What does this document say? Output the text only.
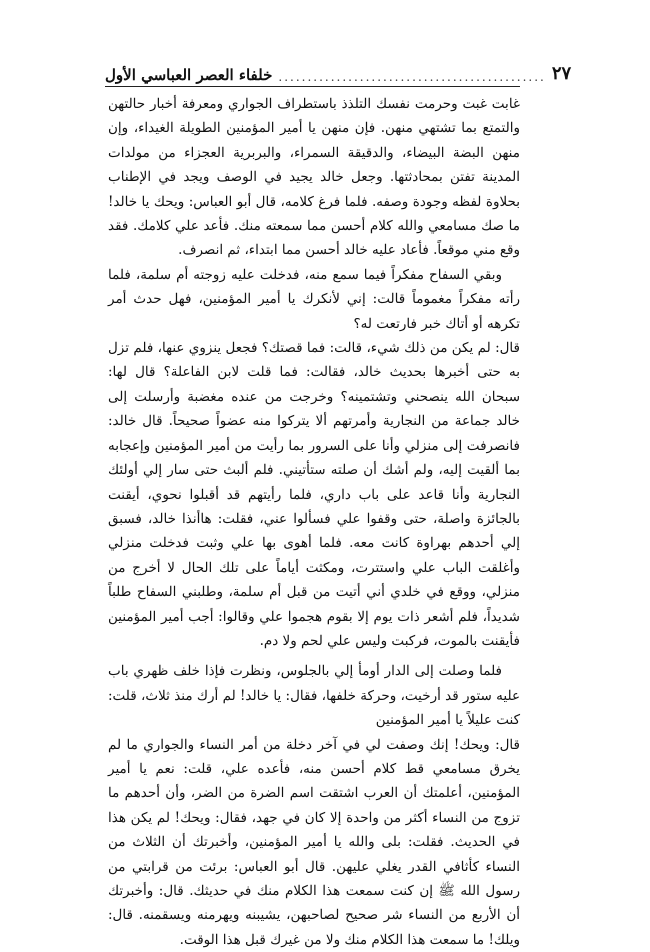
خلفاء العصر العباسي الأول .............................................. ٢٧

غابت غبت وحرمت نفسك التلذذ باستطراف الجواري ومعرفة أخبار حالتهن والتمتع بما تشتهي منهن. فإن منهن يا أمير المؤمنين الطويلة الغيداء، وإن منهن البضة البيضاء، والدقيقة السمراء، والبربرية العجزاء من مولدات المدينة تفتن بمحادثتها. وجعل خالد يجيد في الوصف ويجد في الإطناب بحلاوة لفظه وجودة وصفه. فلما فرغ كلامه، قال أبو العباس: ويحك يا خالد! ما صك مسامعي والله كلام أحسن مما سمعته منك. فأعد علي كلامك. فقد وقع مني موقعاً. فأعاد عليه خالد أحسن مما ابتداء، ثم انصرف.

وبقي السفاح مفكراً فيما سمع منه، فدخلت عليه زوجته أم سلمة، فلما رأته مفكراً مغموماً قالت: إني لأنكرك يا أمير المؤمنين، فهل حدث أمر تكرهه أو أتاك خبر فارتعت له؟

قال: لم يكن من ذلك شيء، قالت: فما قصتك؟ فجعل ينزوي عنها، فلم تزل به حتى أخبرها بحديث خالد، فقالت: فما قلت لابن الفاعلة؟ قال لها: سبحان الله ينصحني وتشتمينه؟ وخرجت من عنده مغضبة وأرسلت إلى خالد جماعة من النجارية وأمرتهم ألا يتركوا منه عضواً صحيحاً. قال خالد: فانصرفت إلى منزلي وأنا على السرور بما رأيت من أمير المؤمنين وإعجابه بما ألقيت إليه، ولم أشك أن صلته ستأتيني. فلم ألبث حتى سار إلي أولئك النجارية وأنا قاعد على باب داري، فلما رأيتهم قد أقبلوا نحوي، أيقنت بالجائزة واصلة، حتى وقفوا علي فسألوا عني، فقلت: هاأنذا خالد، فسبق إلي أحدهم بهراوة كانت معه. فلما أهوى بها علي وثبت فدخلت منزلي وأغلقت الباب علي واستترت، ومكثت أياماً على تلك الحال لا أخرج من منزلي، ووقع في خلدي أني أتيت من قبل أم سلمة، وطلبني السفاح طلباً شديداً، فلم أشعر ذات يوم إلا بقوم هجموا علي وقالوا: أجب أمير المؤمنين فأيقنت بالموت، فركبت وليس علي لحم ولا دم.

فلما وصلت إلى الدار أومأ إلي بالجلوس، ونظرت فإذا خلف ظهري باب عليه ستور قد أرخيت، وحركة خلفها، فقال: يا خالد! لم أرك منذ ثلاث، قلت: كنت عليلاً يا أمير المؤمنين

قال: ويحك! إنك وصفت لي في آخر دخلة من أمر النساء والجواري ما لم يخرق مسامعي قط كلام أحسن منه، فأعده علي، قلت: نعم يا أمير المؤمنين، أعلمتك أن العرب اشتقت اسم الضرة من الضر، وأن أحدهم ما تزوج من النساء أكثر من واحدة إلا كان في جهد، فقال: ويحك! لم يكن هذا في الحديث. فقلت: بلى والله يا أمير المؤمنين، وأخبرتك أن الثلاث من النساء كأثافي القدر يغلي عليهن. قال أبو العباس: برئت من قرابتي من رسول الله ﷺ إن كنت سمعت هذا الكلام منك في حديثك. قال: وأخبرتك أن الأربع من النساء شر صحيح لصاحبهن، يشيبنه ويهرمنه ويسقمنه. قال: ويلك! ما سمعت هذا الكلام منك ولا من غيرك قبل هذا الوقت.
